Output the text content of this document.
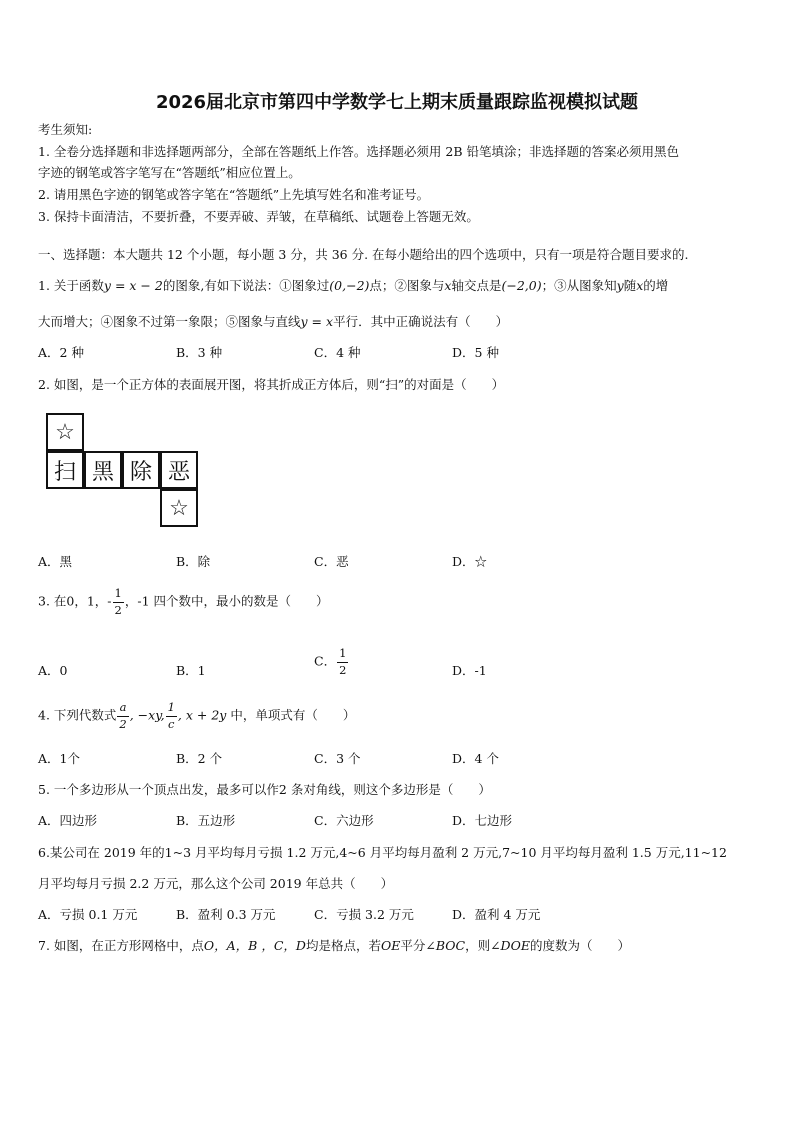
2026届北京市第四中学数学七上期末质量跟踪监视模拟试题
考生须知:
1. 全卷分选择题和非选择题两部分，全部在答题纸上作答。选择题必须用 2B 铅笔填涂；非选择题的答案必须用黑色
字迹的钢笔或答字笔写在“答题纸”相应位置上。
2. 请用黑色字迹的钢笔或答字笔在“答题纸”上先填写姓名和准考证号。
3. 保持卡面清洁，不要折叠，不要弄破、弄皱，在草稿纸、试题卷上答题无效。
一、选择题：本大题共 12 个小题，每小题 3 分，共 36 分. 在每小题给出的四个选项中，只有一项是符合题目要求的.
1. 关于函数y = x − 2的图象,有如下说法：①图象过(0,−2)点；②图象与x轴交点是(−2,0)；③从图象知y随x的增
大而增大；④图象不过第一象限；⑤图象与直线y = x平行．其中正确说法有（　　）
A．2 种	B．3 种	C．4 种	D．5 种
2. 如图，是一个正方体的表面展开图，将其折成正方体后，则“扫”的对面是（　　）
☆
扫 黑 除 恶
☆
A．黑	B．除	C．恶	D．☆
3. 在0，1，- $\frac{1}{2}$ ，-1 四个数中，最小的数是（　　）
A．0	B．1
C． $\frac{1}{2}$	D．-1
4. 下列代数式 $\frac{a}{2}$ , −xy, $\frac{1}{c}$ , x + 2y 中，单项式有（　　）
A．1个	B．2 个	C．3 个	D．4 个
5. 一个多边形从一个顶点出发，最多可以作2 条对角线，则这个多边形是（　　）
A．四边形	B．五边形	C．六边形	D．七边形
6.某公司在 2019 年的1~3 月平均每月亏损 1.2 万元,4~6 月平均每月盈利 2 万元,7~10 月平均每月盈利 1.5 万元,11~12
月平均每月亏损 2.2 万元，那么这个公司 2019 年总共（　　）
A．亏损 0.1 万元	B．盈利 0.3 万元	C．亏损 3.2 万元	D．盈利 4 万元
7. 如图，在正方形网格中，点O，A，B ，C，D均是格点，若OE平分∠BOC，则∠DOE的度数为（　　）
